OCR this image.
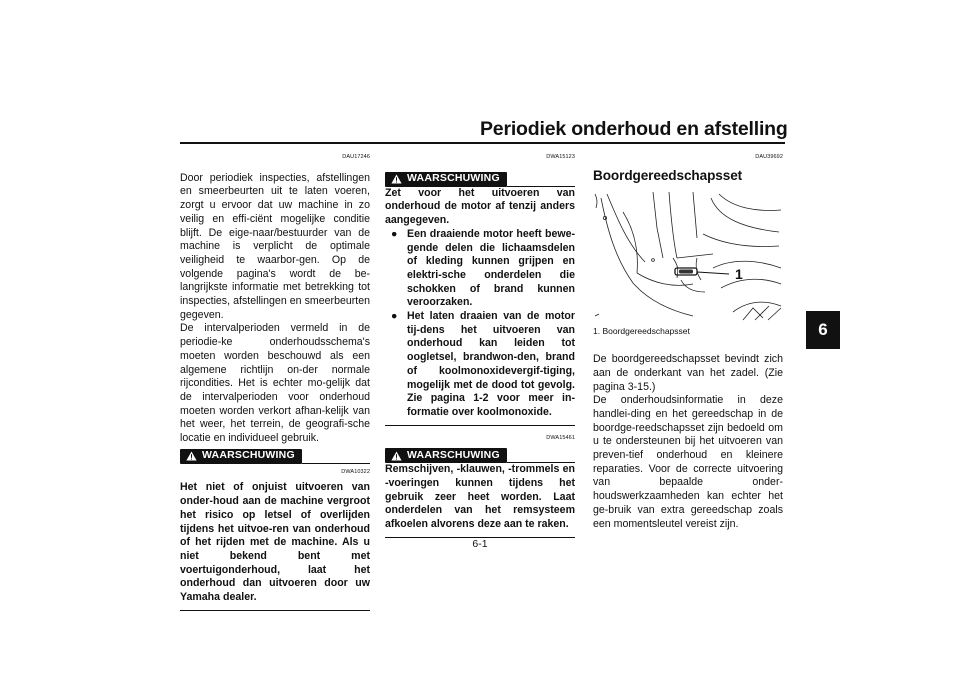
Periodiek onderhoud en afstelling
6
DAU17246

Door periodiek inspecties, afstellingen en smeerbeurten uit te laten voeren, zorgt u ervoor dat uw machine in zo veilig en effi-ciënt mogelijke conditie blijft. De eige-naar/bestuurder van de machine is verplicht de optimale veiligheid te waarbor-gen. Op de volgende pagina's wordt de be-langrijkste informatie met betrekking tot inspecties, afstellingen en smeerbeurten gegeven.

De intervalperioden vermeld in de periodie-ke onderhoudsschema's moeten worden beschouwd als een algemene richtlijn on-der normale rijcondities. Het is echter mo-gelijk dat de intervalperioden voor onderhoud moeten worden verkort afhan-kelijk van het weer, het terrein, de geografi-sche locatie en individueel gebruik.

WAARSCHUWING
DWA10322

Het niet of onjuist uitvoeren van onder-houd aan de machine vergroot het risico op letsel of overlijden tijdens het uitvoe-ren van onderhoud of het rijden met de machine. Als u niet bekend bent met voertuigonderhoud, laat het onderhoud dan uitvoeren door uw Yamaha dealer.

DWA15123
WAARSCHUWING

Zet voor het uitvoeren van onderhoud de motor af tenzij anders aangegeven.

● Een draaiende motor heeft bewe-gende delen die lichaamsdelen of kleding kunnen grijpen en elektri-sche onderdelen die schokken of brand kunnen veroorzaken.
● Het laten draaien van de motor tij-dens het uitvoeren van onderhoud kan leiden tot oogletsel, brandwon-den, brand of koolmonoxidevergif-tiging, mogelijk met de dood tot gevolg. Zie pagina 1-2 voor meer in-formatie over koolmonoxide.
DWA15461
WAARSCHUWING

Remschijven, -klauwen, -trommels en -voeringen kunnen tijdens het gebruik zeer heet worden. Laat onderdelen van het remsysteem afkoelen alvorens deze aan te raken.

DAU39692
Boordgereedschapsset
1
1. Boordgereedschapsset

De boordgereedschapsset bevindt zich aan de onderkant van het zadel. (Zie pagina 3-15.)

De onderhoudsinformatie in deze handlei-ding en het gereedschap in de boordge-reedschapsset zijn bedoeld om u te ondersteunen bij het uitvoeren van preven-tief onderhoud en kleinere reparaties. Voor de correcte uitvoering van bepaalde onder-houdswerkzaamheden kan echter het ge-bruik van extra gereedschap zoals een momentsleutel vereist zijn.

6-1
